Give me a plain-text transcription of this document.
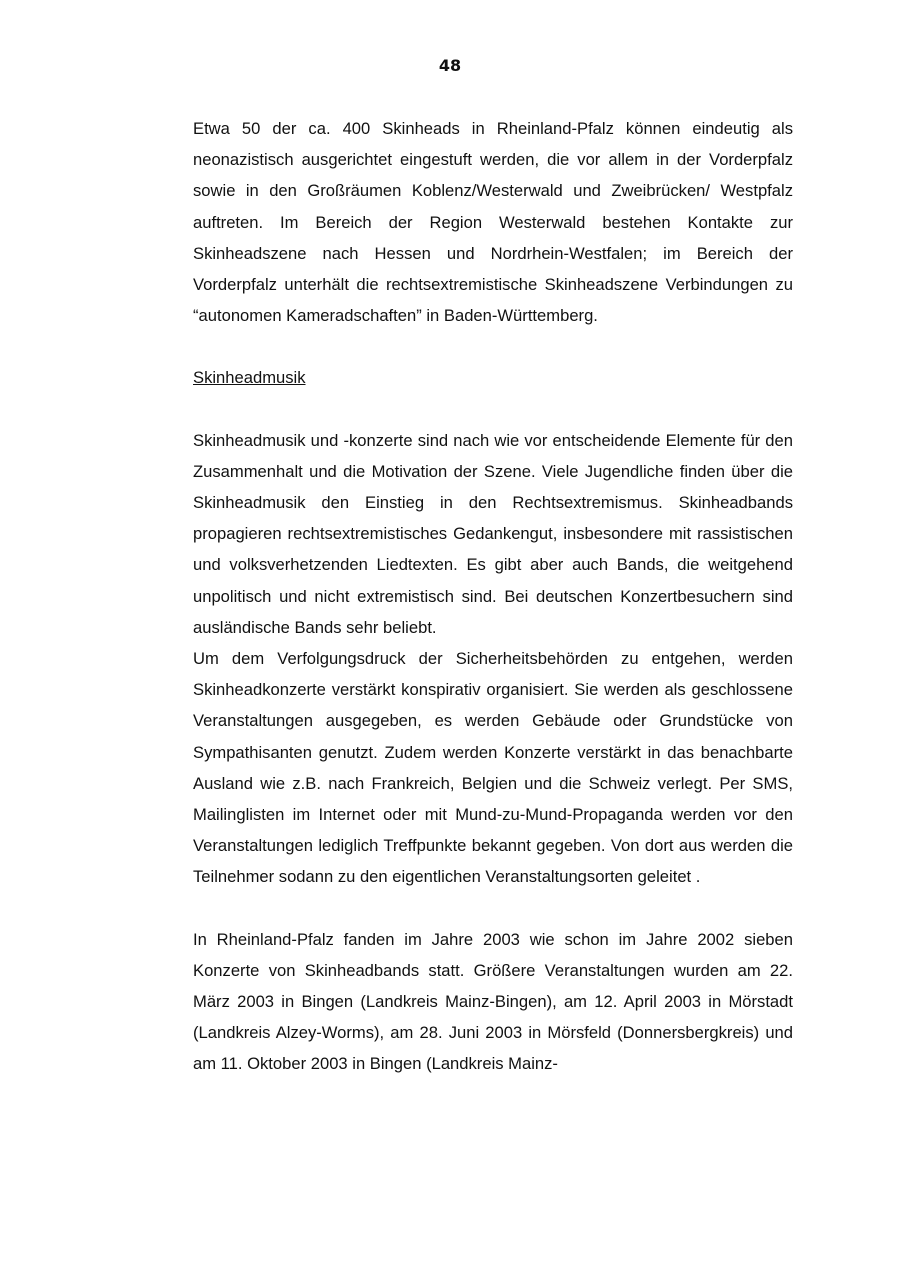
48

Etwa 50 der ca. 400 Skinheads in Rheinland-Pfalz können eindeutig als neonazistisch ausgerichtet eingestuft werden, die vor allem in der Vorderpfalz sowie in den Großräumen Koblenz/Westerwald und Zweibrücken/ Westpfalz auftreten. Im Bereich der Region Westerwald bestehen Kontakte zur Skinheadszene nach Hessen und Nordrhein-Westfalen; im Bereich der Vorderpfalz unterhält die rechtsextremistische Skinheadszene Verbindungen zu “autonomen Kameradschaften” in Baden-Württemberg.

Skinheadmusik

Skinheadmusik und -konzerte sind nach wie vor entscheidende Elemente für den Zusammenhalt und die Motivation der Szene. Viele Jugendliche finden über die Skinheadmusik den Einstieg in den Rechtsextremismus. Skinheadbands propagieren rechtsextremistisches Gedankengut, insbesondere mit rassistischen und volksverhetzenden Liedtexten. Es gibt aber auch Bands, die weitgehend unpolitisch und nicht extremistisch sind. Bei deutschen Konzertbesuchern sind ausländische Bands sehr beliebt.

Um dem Verfolgungsdruck der Sicherheitsbehörden zu entgehen, werden Skinheadkonzerte verstärkt konspirativ organisiert. Sie werden als geschlossene Veranstaltungen ausgegeben, es werden Gebäude oder Grundstücke von Sympathisanten genutzt. Zudem werden Konzerte verstärkt in das benachbarte Ausland wie z.B. nach Frankreich, Belgien und die Schweiz verlegt. Per SMS, Mailinglisten im Internet oder mit Mund-zu-Mund-Propaganda werden vor den Veranstaltungen lediglich Treffpunkte bekannt gegeben. Von dort aus werden die Teilnehmer sodann zu den eigentlichen Veranstaltungsorten geleitet .

In Rheinland-Pfalz fanden im Jahre 2003 wie schon im Jahre 2002 sieben Konzerte von Skinheadbands statt. Größere Veranstaltungen wurden am 22. März 2003 in Bingen (Landkreis Mainz-Bingen), am 12. April 2003 in Mörstadt (Landkreis Alzey-Worms), am 28. Juni 2003 in Mörsfeld (Donnersbergkreis) und am 11. Oktober 2003 in Bingen (Landkreis Mainz-
